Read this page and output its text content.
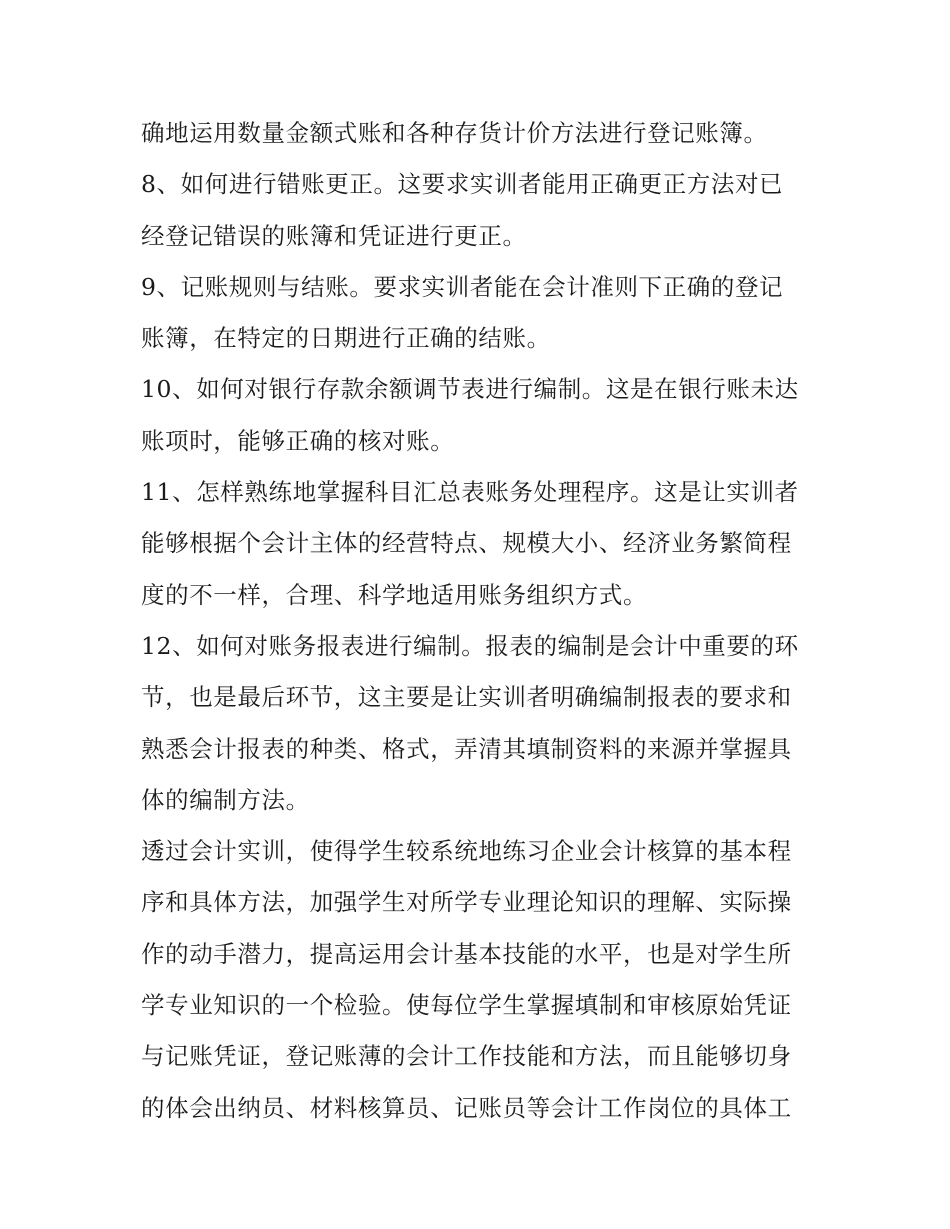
确地运用数量金额式账和各种存货计价方法进行登记账簿。
8、如何进行错账更正。这要求实训者能用正确更正方法对已
经登记错误的账簿和凭证进行更正。
9、记账规则与结账。要求实训者能在会计准则下正确的登记
账簿，在特定的日期进行正确的结账。
10、如何对银行存款余额调节表进行编制。这是在银行账未达
账项时，能够正确的核对账。
11、怎样熟练地掌握科目汇总表账务处理程序。这是让实训者
能够根据个会计主体的经营特点、规模大小、经济业务繁简程
度的不一样，合理、科学地适用账务组织方式。
12、如何对账务报表进行编制。报表的编制是会计中重要的环
节，也是最后环节，这主要是让实训者明确编制报表的要求和
熟悉会计报表的种类、格式，弄清其填制资料的来源并掌握具
体的编制方法。
透过会计实训，使得学生较系统地练习企业会计核算的基本程
序和具体方法，加强学生对所学专业理论知识的理解、实际操
作的动手潜力，提高运用会计基本技能的水平，也是对学生所
学专业知识的一个检验。使每位学生掌握填制和审核原始凭证
与记账凭证，登记账薄的会计工作技能和方法，而且能够切身
的体会出纳员、材料核算员、记账员等会计工作岗位的具体工
